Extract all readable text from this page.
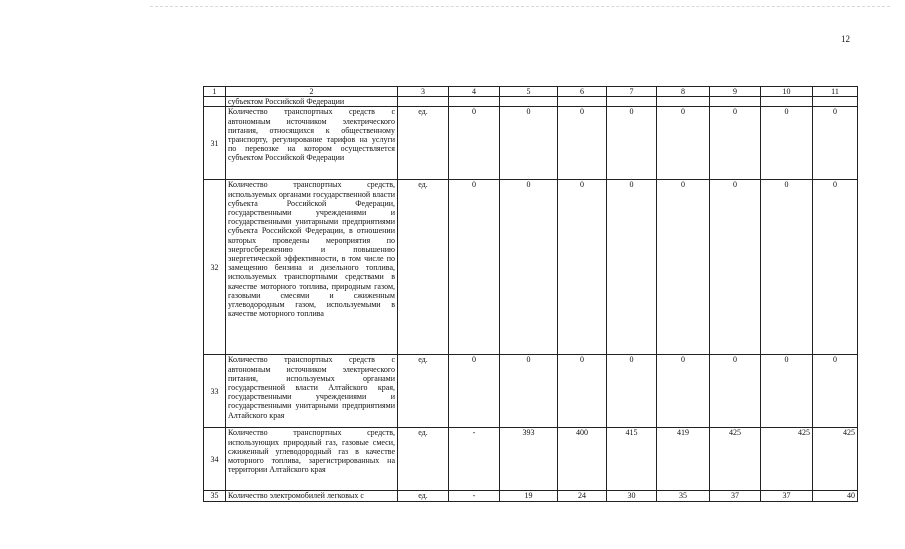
12
1	2	3	4	5	6	7	8	9	10	11
	субъектом Российской Федерации									
31	Количество транспортных средств с автономным источником электрического питания, относящихся к общественному транспорту, регулирование тарифов на услуги по перевозке на котором осуществляется субъектом Российской Федерации	ед.	0	0	0	0	0	0	0	0
32	Количество транспортных средств, используемых органами государственной власти субъекта Российской Федерации, государственными учреждениями и государственными унитарными предприятиями субъекта Российской Федерации, в отношении которых проведены мероприятия по энергосбережению и повышению энергетической эффективности, в том числе по замещению бензина и дизельного топлива, используемых транспортными средствами в качестве моторного топлива, природным газом, газовыми смесями и сжиженным углеводородным газом, используемыми в качестве моторного топлива	ед.	0	0	0	0	0	0	0	0
33	Количество транспортных средств с автономным источником электрического питания, используемых органами государственной власти Алтайского края, государственными учреждениями и государственными унитарными предприятиями Алтайского края	ед.	0	0	0	0	0	0	0	0
34	Количество транспортных средств, использующих природный газ, газовые смеси, сжиженный углеводородный газ в качестве моторного топлива, зарегистрированных на территории Алтайского края	ед.	-	393	400	415	419	425	425	425
35	Количество электромобилей легковых с	ед.	-	19	24	30	35	37	37	40
